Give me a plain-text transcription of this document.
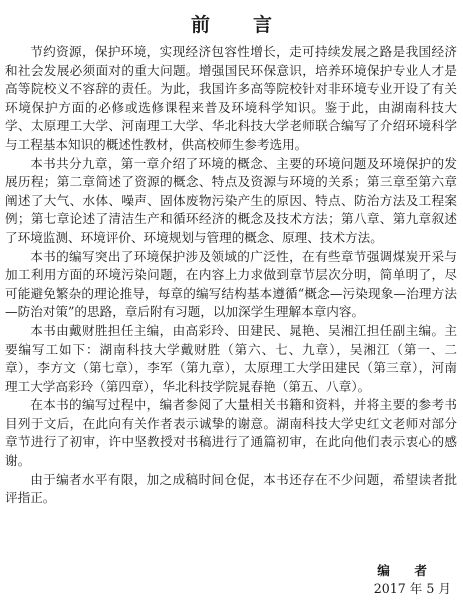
前　言

节约资源，保护环境，实现经济包容性增长，走可持续发展之路是我国经济和社会发展必须面对的重大问题。增强国民环保意识，培养环境保护专业人才是高等院校义不容辞的责任。为此，我国许多高等院校针对非环境专业开设了有关环境保护方面的必修或选修课程来普及环境科学知识。鉴于此，由湖南科技大学、太原理工大学、河南理工大学、华北科技大学老师联合编写了介绍环境科学与工程基本知识的概述性教材，供高校师生参考选用。

本书共分九章，第一章介绍了环境的概念、主要的环境问题及环境保护的发展历程；第二章简述了资源的概念、特点及资源与环境的关系；第三章至第六章阐述了大气、水体、噪声、固体废物污染产生的原因、特点、防治方法及工程案例；第七章论述了清洁生产和循环经济的概念及技术方法；第八章、第九章叙述了环境监测、环境评价、环境规划与管理的概念、原理、技术方法。

本书的编写突出了环境保护涉及领域的广泛性，在有些章节强调煤炭开采与加工利用方面的环境污染问题，在内容上力求做到章节层次分明，简单明了，尽可能避免繁杂的理论推导，每章的编写结构基本遵循“概念—污染现象—治理方法—防治对策”的思路，章后附有习题，以加深学生理解本章内容。

本书由戴财胜担任主编，由高彩玲、田建民、晁艳、吴湘江担任副主编。主要编写工如下：湖南科技大学戴财胜（第六、七、九章），吴湘江（第一、二章），李方文（第七章），李军（第九章），太原理工大学田建民（第三章），河南理工大学高彩玲（第四章），华北科技学院晁春艳（第五、八章）。

在本书的编写过程中，编者参阅了大量相关书籍和资料，并将主要的参考书目列于文后，在此向有关作者表示诚挚的谢意。湖南科技大学史红文老师对部分章节进行了初审，许中坚教授对书稿进行了通篇初审，在此向他们表示衷心的感谢。

由于编者水平有限，加之成稿时间仓促，本书还存在不少问题，希望读者批评指正。

编　者
2017 年 5 月
